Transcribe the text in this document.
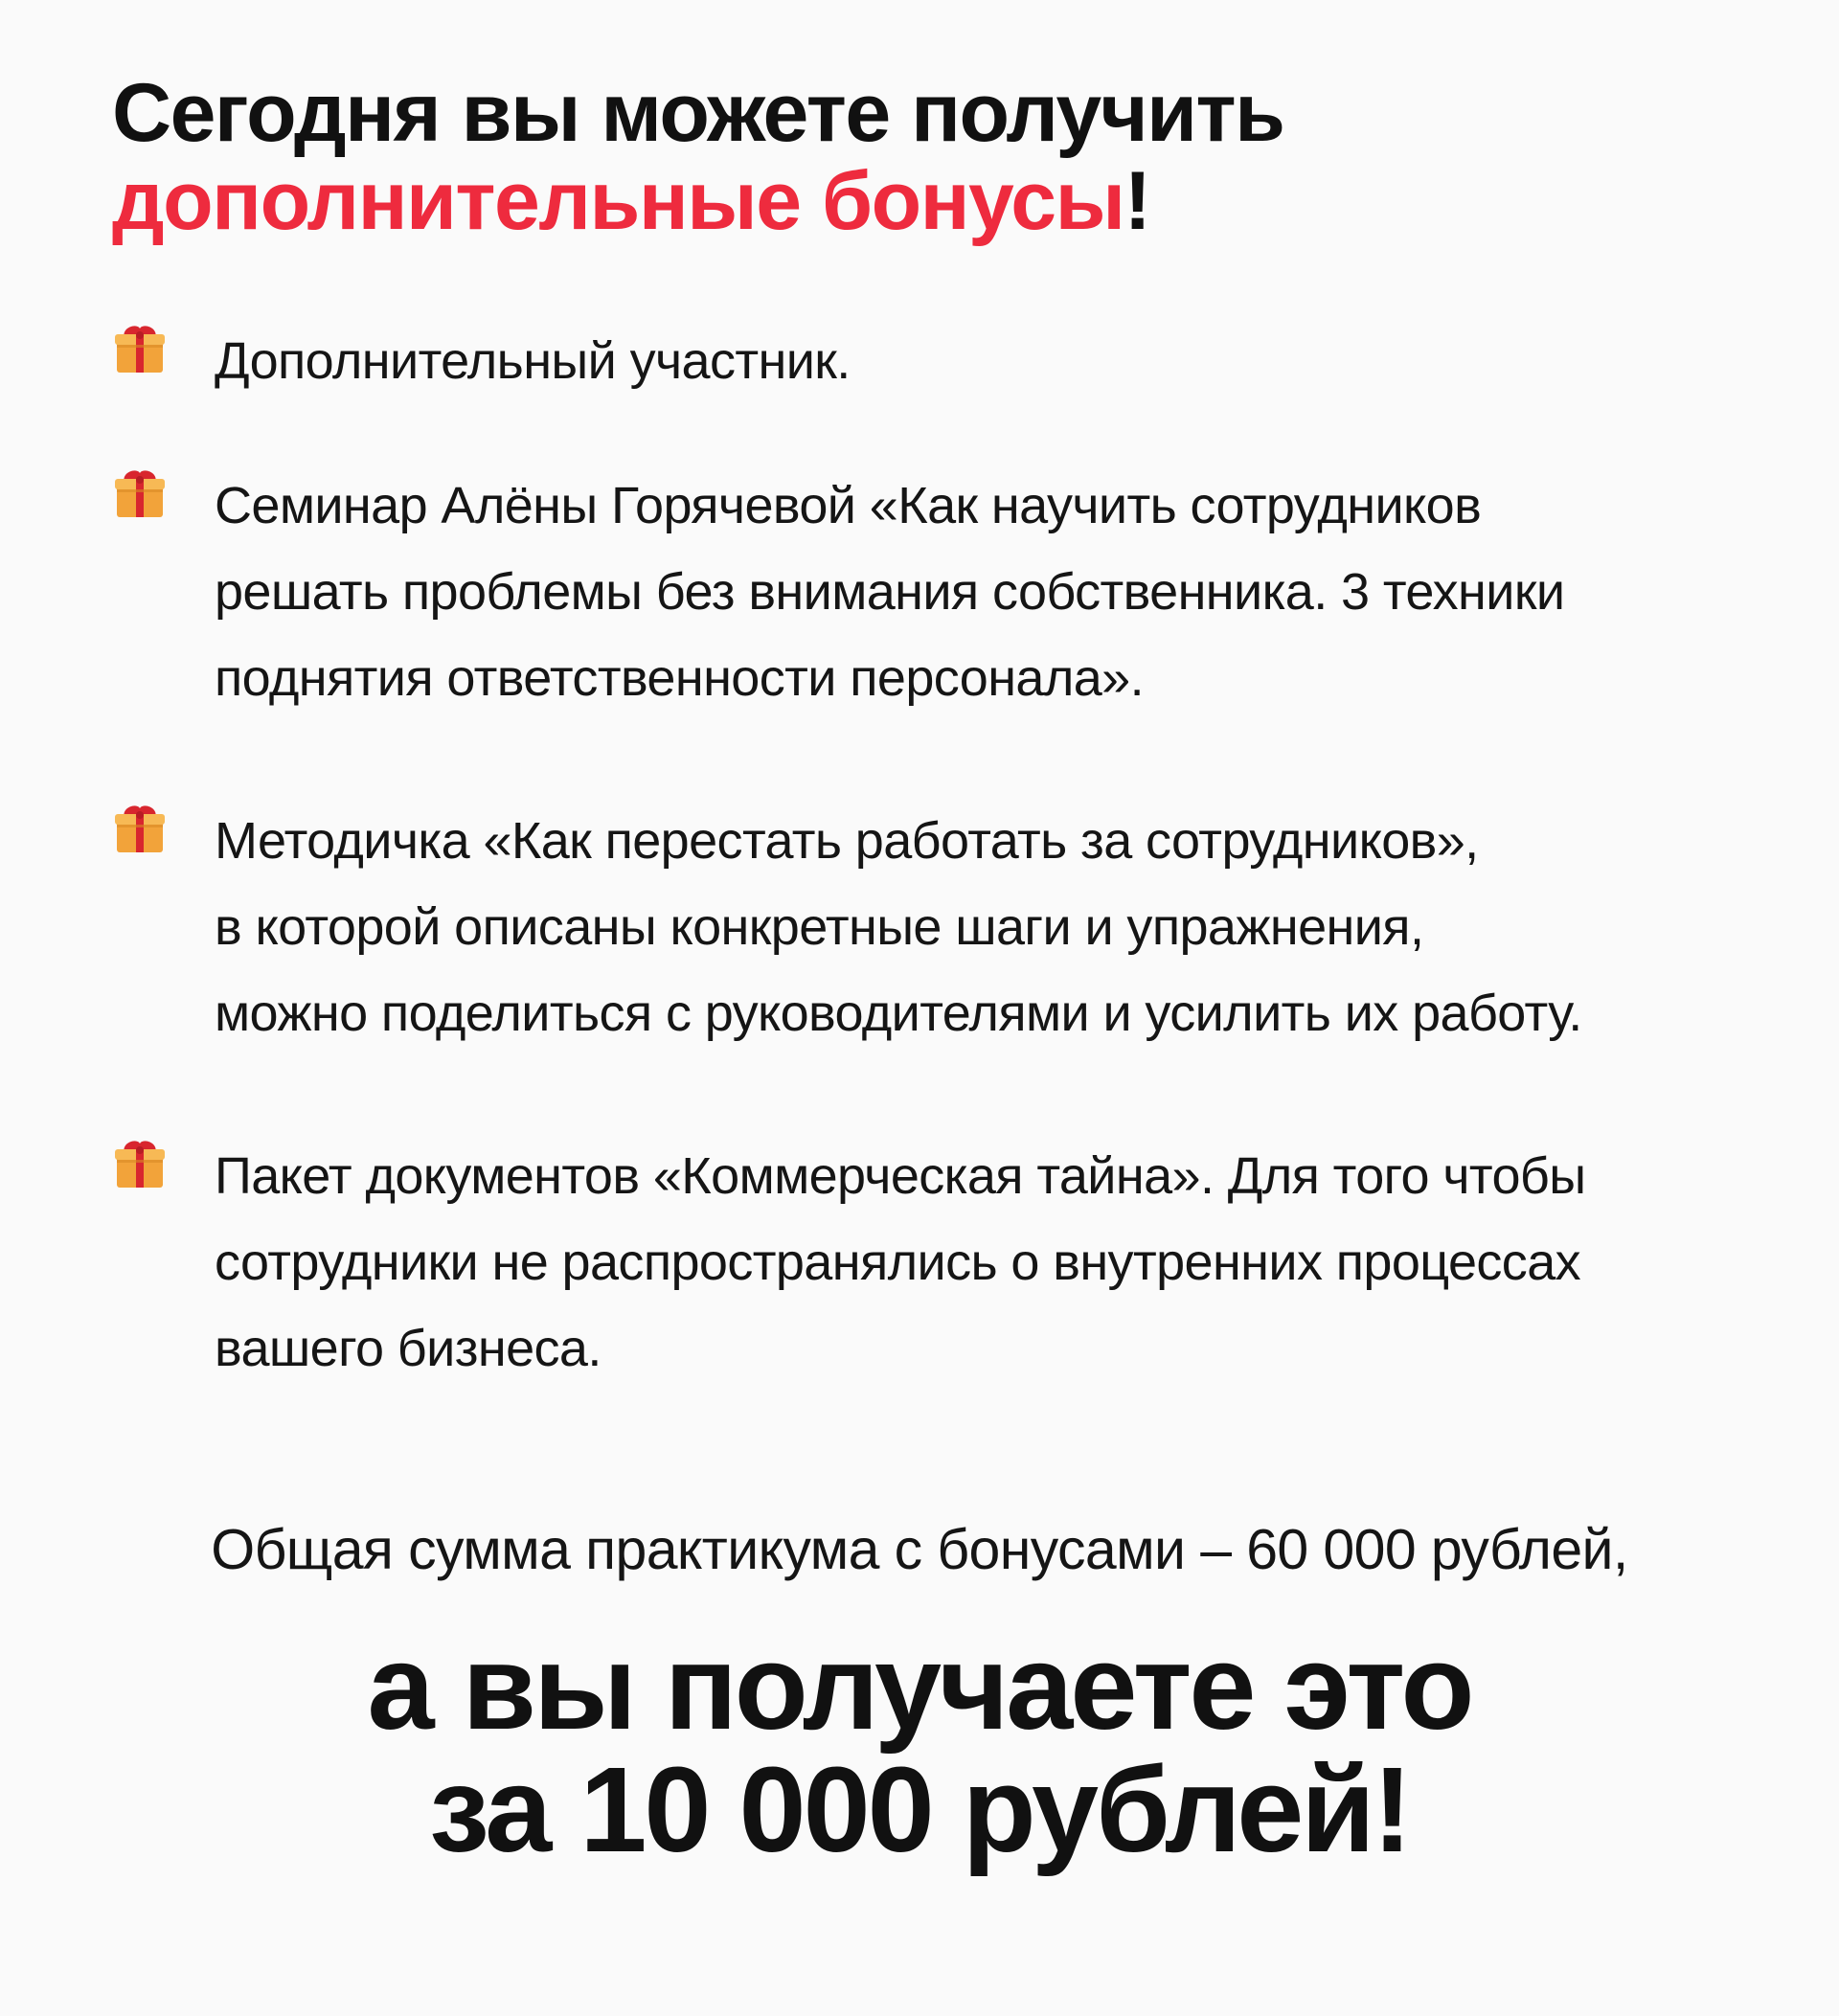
Сегодня вы можете получить
дополнительные бонусы!

Дополнительный участник.

Семинар Алёны Горячевой «Как научить сотрудников
решать проблемы без внимания собственника. 3 техники
поднятия ответственности персонала».

Методичка «Как перестать работать за сотрудников»,
в которой описаны конкретные шаги и упражнения,
можно поделиться с руководителями и усилить их работу.

Пакет документов «Коммерческая тайна». Для того чтобы
сотрудники не распространялись о внутренних процессах
вашего бизнеса.

Общая сумма практикума с бонусами – 60 000 рублей,

а вы получаете это
за 10 000 рублей!
